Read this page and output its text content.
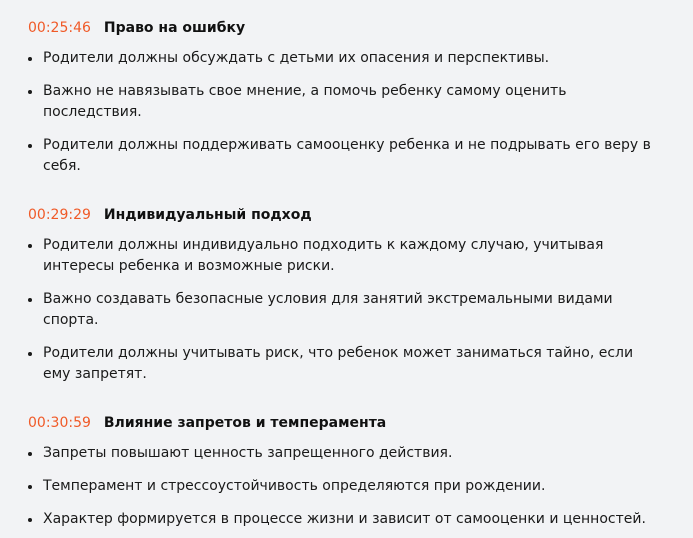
00:25:46 Право на ошибку
Родители должны обсуждать с детьми их опасения и перспективы.
Важно не навязывать свое мнение, а помочь ребенку самому оценить последствия.
Родители должны поддерживать самооценку ребенка и не подрывать его веру в себя.
00:29:29 Индивидуальный подход
Родители должны индивидуально подходить к каждому случаю, учитывая интересы ребенка и возможные риски.
Важно создавать безопасные условия для занятий экстремальными видами спорта.
Родители должны учитывать риск, что ребенок может заниматься тайно, если ему запретят.
00:30:59 Влияние запретов и темперамента
Запреты повышают ценность запрещенного действия.
Темперамент и стрессоустойчивость определяются при рождении.
Характер формируется в процессе жизни и зависит от самооценки и ценностей.
